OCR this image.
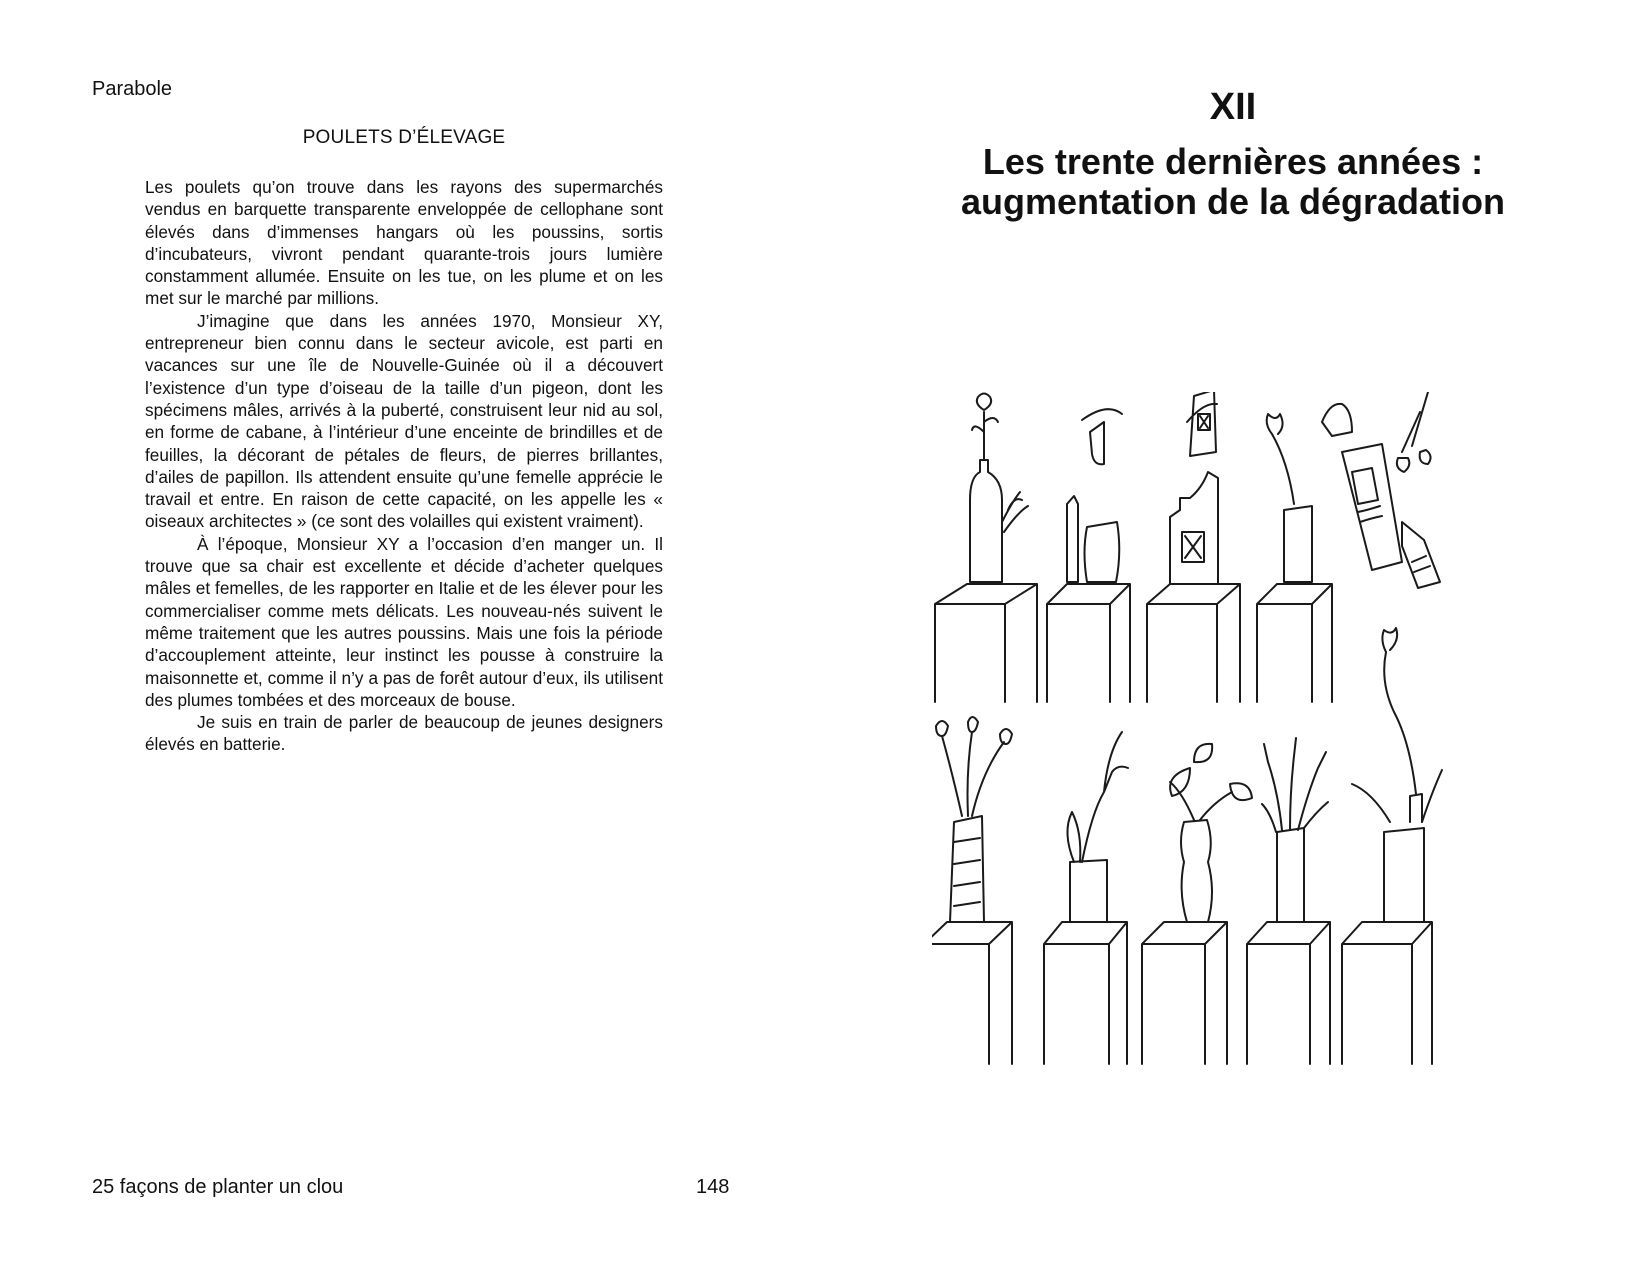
Parabole
POULETS D’ÉLEVAGE

Les poulets qu’on trouve dans les rayons des supermarchés vendus en barquette transparente enveloppée de cellophane sont élevés dans d’immenses hangars où les poussins, sortis d’incubateurs, vivront pendant quarante-trois jours lumière constamment allumée. Ensuite on les tue, on les plume et on les met sur le marché par millions.

J’imagine que dans les années 1970, Monsieur XY, entrepreneur bien connu dans le secteur avicole, est parti en vacances sur une île de Nouvelle-Guinée où il a découvert l’existence d’un type d’oiseau de la taille d’un pigeon, dont les spécimens mâles, arrivés à la puberté, construisent leur nid au sol, en forme de cabane, à l’intérieur d’une enceinte de brindilles et de feuilles, la décorant de pétales de fleurs, de pierres brillantes, d’ailes de papillon. Ils attendent ensuite qu’une femelle apprécie le travail et entre. En raison de cette capacité, on les appelle les « oiseaux architectes » (ce sont des volailles qui existent vraiment).

À l’époque, Monsieur XY a l’occasion d’en manger un. Il trouve que sa chair est excellente et décide d’acheter quelques mâles et femelles, de les rapporter en Italie et de les élever pour les commercialiser comme mets délicats. Les nouveau-nés suivent le même traitement que les autres poussins. Mais une fois la période d’accouplement atteinte, leur instinct les pousse à construire la maisonnette et, comme il n’y a pas de forêt autour d’eux, ils utilisent des plumes tombées et des morceaux de bouse.

Je suis en train de parler de beaucoup de jeunes designers élevés en batterie.

25 façons de planter un clou	148
XII
Les trente dernières années :
augmentation de la dégradation
